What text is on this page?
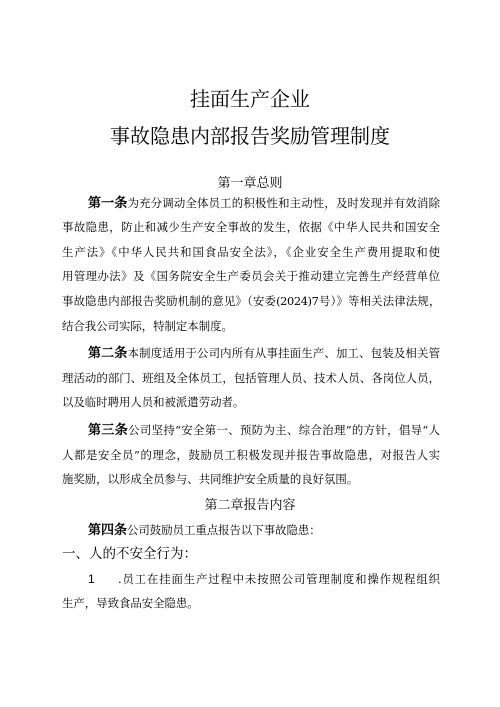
挂面生产企业
事故隐患内部报告奖励管理制度
第一章总则
第一条为充分调动全体员工的积极性和主动性，及时发现并有效消除
事故隐患，防止和减少生产安全事故的发生，依据《中华人民共和国安全
生产法》《中华人民共和国食品安全法》，《企业安全生产费用提取和使
用管理办法》及《国务院安全生产委员会关于推动建立完善生产经营单位
事故隐患内部报告奖励机制的意见》（安委(2024)7号）》等相关法律法规，
结合我公司实际，特制定本制度。
第二条本制度适用于公司内所有从事挂面生产、加工、包装及相关管
理活动的部门、班组及全体员工，包括管理人员、技术人员、各岗位人员，
以及临时聘用人员和被派遣劳动者。
第三条公司坚持“安全第一、预防为主、综合治理”的方针，倡导“人
人都是安全员”的理念，鼓励员工积极发现并报告事故隐患，对报告人实
施奖励，以形成全员参与、共同维护安全质量的良好氛围。
第二章报告内容
第四条公司鼓励员工重点报告以下事故隐患：
一、人的不安全行为：
1 .员工在挂面生产过程中未按照公司管理制度和操作规程组织
生产，导致食品安全隐患。
